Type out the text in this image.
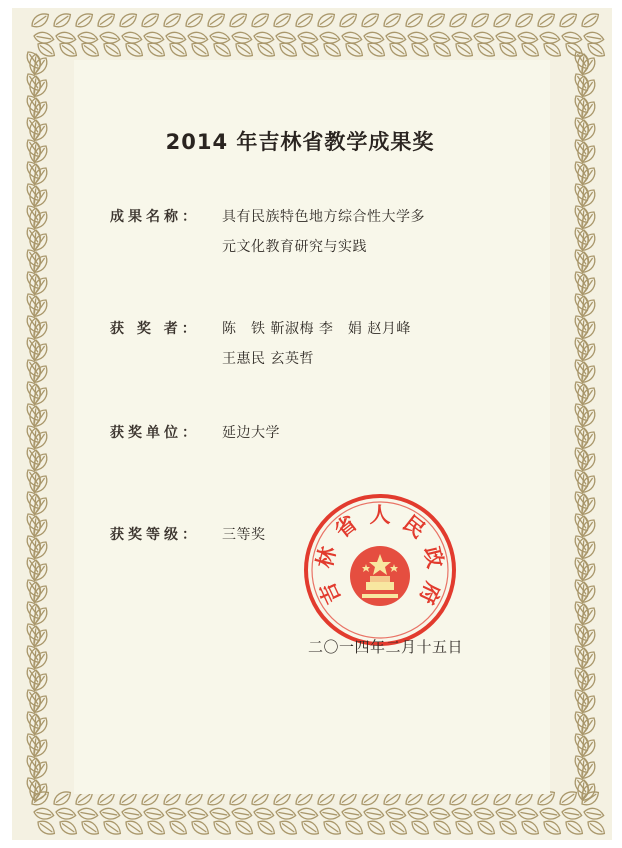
2014 年吉林省教学成果奖
成果名称： 具有民族特色地方综合性大学多
元文化教育研究与实践
获 奖 者： 陈　铁 靳淑梅 李　娟 赵月峰
王惠民 玄英哲
获奖单位： 延边大学
获奖等级： 三等奖
吉
林
省 人 民
政
府
二〇一四年二月十五日
